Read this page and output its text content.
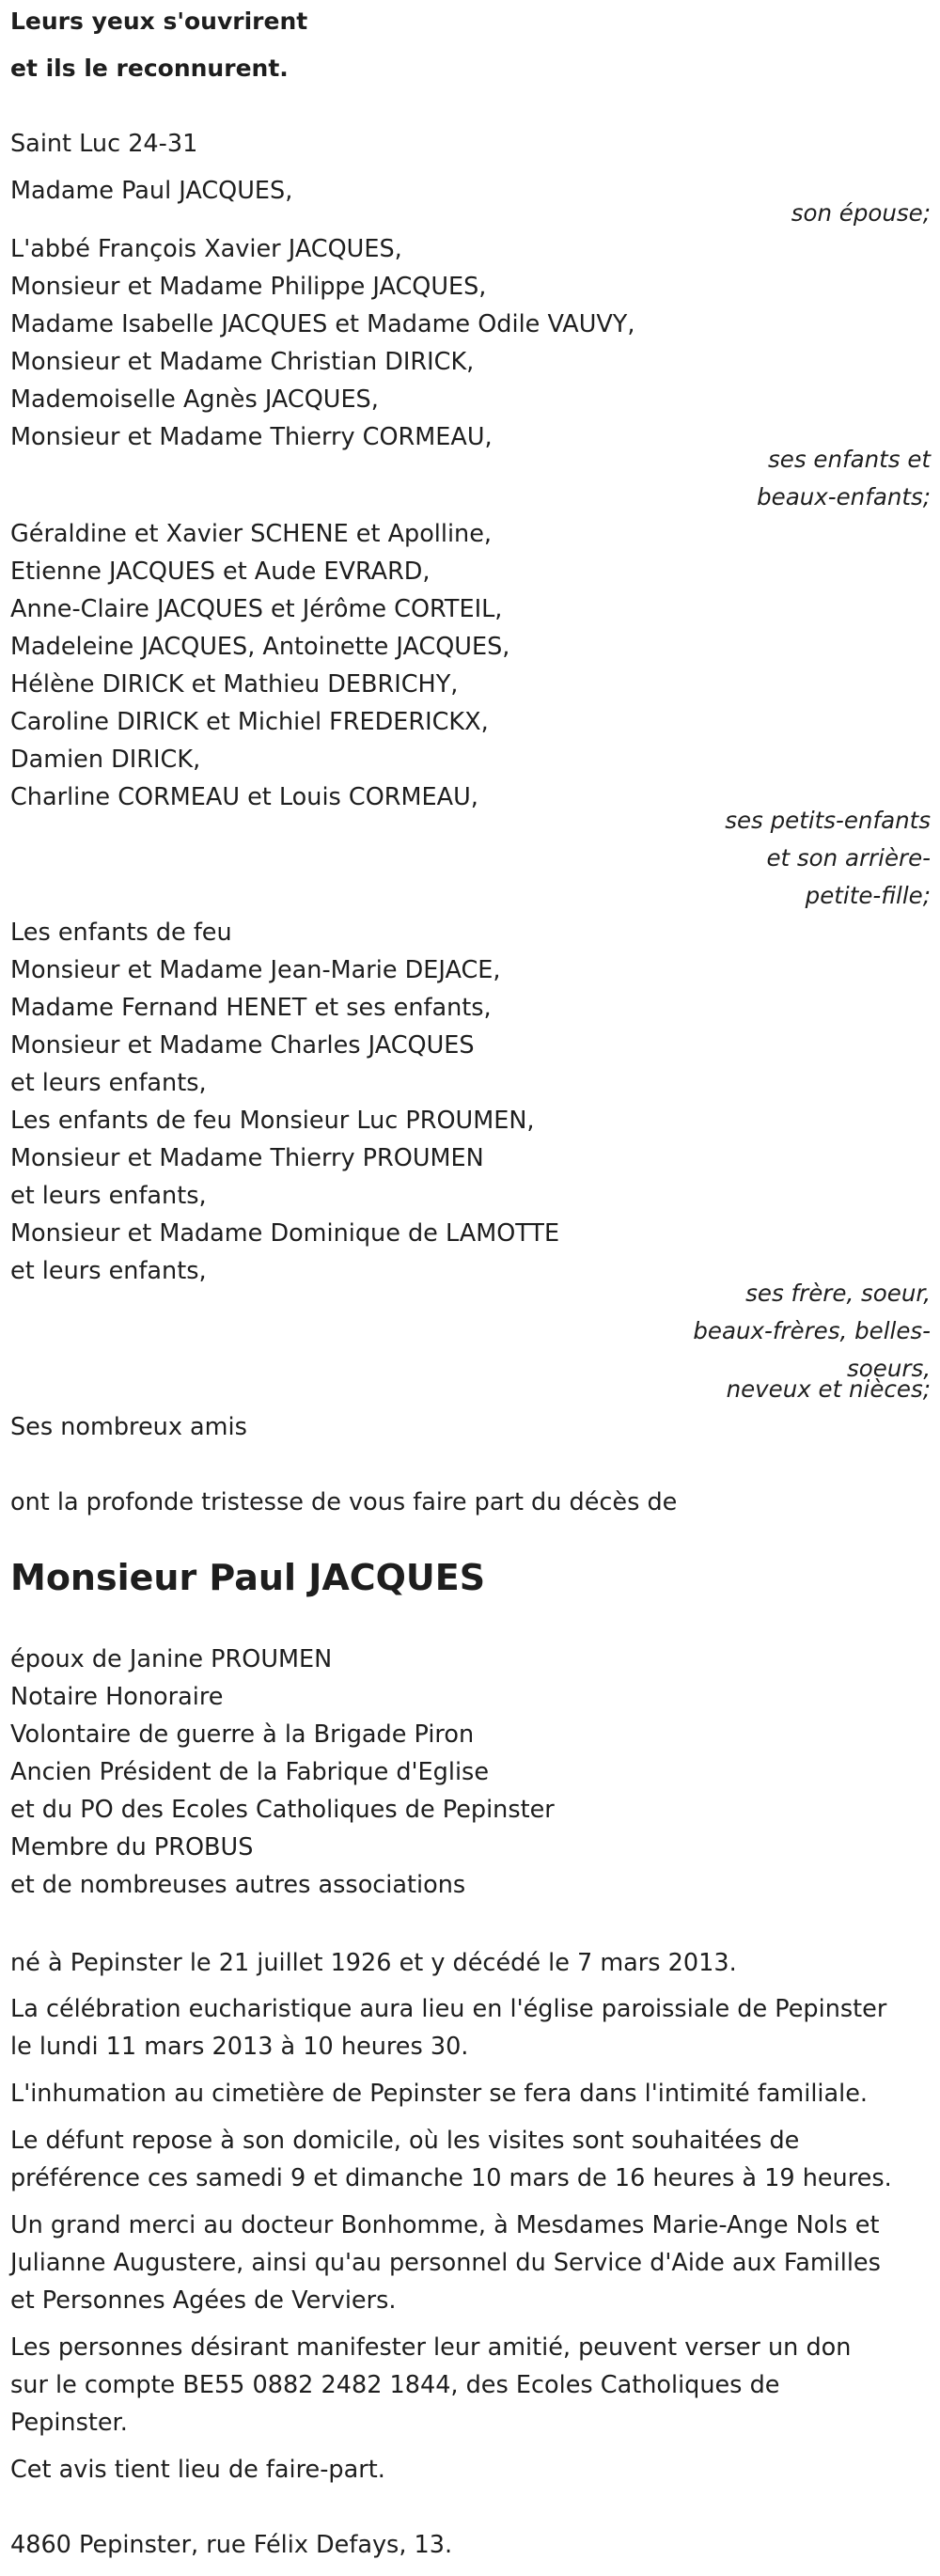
Leurs yeux s'ouvrirent
et ils le reconnurent.
Saint Luc 24-31
Madame Paul JACQUES,
son épouse;
L'abbé François Xavier JACQUES,
Monsieur et Madame Philippe JACQUES,
Madame Isabelle JACQUES et Madame Odile VAUVY,
Monsieur et Madame Christian DIRICK,
Mademoiselle Agnès JACQUES,
Monsieur et Madame Thierry CORMEAU,
ses enfants et
beaux-enfants;
Géraldine et Xavier SCHENE et Apolline,
Etienne JACQUES et Aude EVRARD,
Anne-Claire JACQUES et Jérôme CORTEIL,
Madeleine JACQUES, Antoinette JACQUES,
Hélène DIRICK et Mathieu DEBRICHY,
Caroline DIRICK et Michiel FREDERICKX,
Damien DIRICK,
Charline CORMEAU et Louis CORMEAU,
ses petits-enfants
et son arrière-
petite-fille;
Les enfants de feu
Monsieur et Madame Jean-Marie DEJACE,
Madame Fernand HENET et ses enfants,
Monsieur et Madame Charles JACQUES
et leurs enfants,
Les enfants de feu Monsieur Luc PROUMEN,
Monsieur et Madame Thierry PROUMEN
et leurs enfants,
Monsieur et Madame Dominique de LAMOTTE
et leurs enfants,
ses frère, soeur,
beaux-frères, belles-
soeurs,
neveux et nièces;
Ses nombreux amis
ont la profonde tristesse de vous faire part du décès de
Monsieur Paul JACQUES
époux de Janine PROUMEN
Notaire Honoraire
Volontaire de guerre à la Brigade Piron
Ancien Président de la Fabrique d'Eglise
et du PO des Ecoles Catholiques de Pepinster
Membre du PROBUS
et de nombreuses autres associations
né à Pepinster le 21 juillet 1926 et y décédé le 7 mars 2013.
La célébration eucharistique aura lieu en l'église paroissiale de Pepinster
le lundi 11 mars 2013 à 10 heures 30.
L'inhumation au cimetière de Pepinster se fera dans l'intimité familiale.
Le défunt repose à son domicile, où les visites sont souhaitées de
préférence ces samedi 9 et dimanche 10 mars de 16 heures à 19 heures.
Un grand merci au docteur Bonhomme, à Mesdames Marie-Ange Nols et
Julianne Augustere, ainsi qu'au personnel du Service d'Aide aux Familles
et Personnes Agées de Verviers.
Les personnes désirant manifester leur amitié, peuvent verser un don
sur le compte BE55 0882 2482 1844, des Ecoles Catholiques de
Pepinster.
Cet avis tient lieu de faire-part.
4860 Pepinster, rue Félix Defays, 13.
